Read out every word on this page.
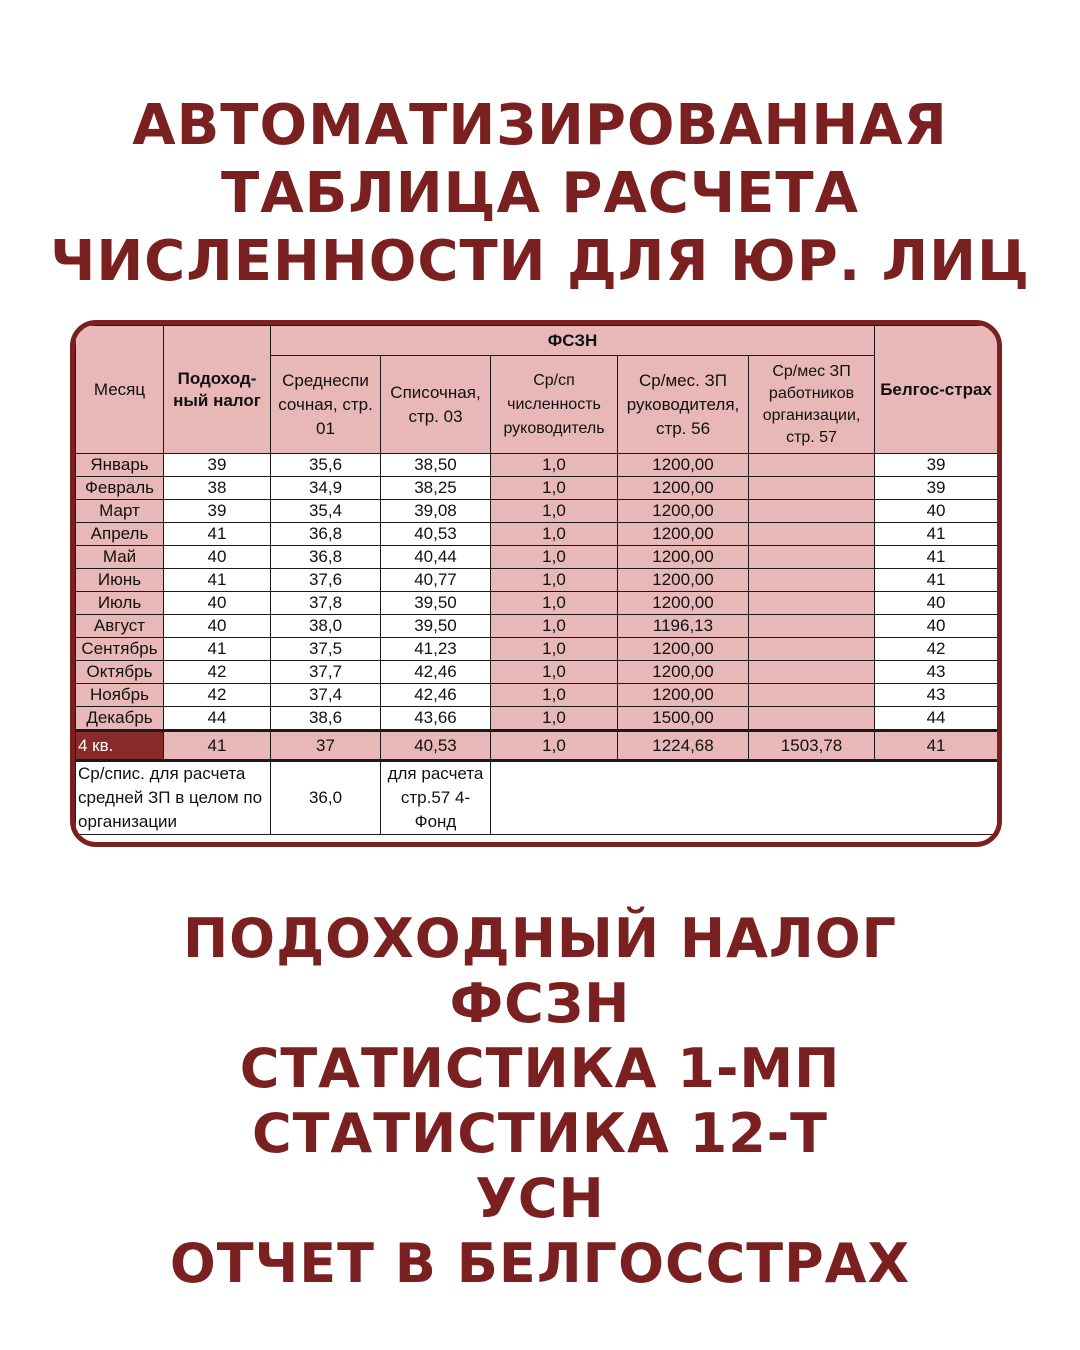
АВТОМАТИЗИРОВАННАЯ
ТАБЛИЦА РАСЧЕТА
ЧИСЛЕННОСТИ ДЛЯ ЮР. ЛИЦ
Месяц	Подоход-ный налог	ФСЗН					Белгос-страх
		Среднеспи сочная, стр. 01	Списочная, стр. 03	Ср/сп численность руководитель	Ср/мес. ЗП руководителя, стр. 56	Ср/мес ЗП работников организации, стр. 57	
Январь	39	35,6	38,50	1,0	1200,00		39
Февраль	38	34,9	38,25	1,0	1200,00		39
Март	39	35,4	39,08	1,0	1200,00		40
Апрель	41	36,8	40,53	1,0	1200,00		41
Май	40	36,8	40,44	1,0	1200,00		41
Июнь	41	37,6	40,77	1,0	1200,00		41
Июль	40	37,8	39,50	1,0	1200,00		40
Август	40	38,0	39,50	1,0	1196,13		40
Сентябрь	41	37,5	41,23	1,0	1200,00		42
Октябрь	42	37,7	42,46	1,0	1200,00		43
Ноябрь	42	37,4	42,46	1,0	1200,00		43
Декабрь	44	38,6	43,66	1,0	1500,00		44
4 кв.	41	37	40,53	1,0	1224,68	1503,78	41
Ср/спис. для расчета средней ЗП в целом по организации		36,0	для расчета стр.57 4-Фонд				
ПОДОХОДНЫЙ НАЛОГ
ФСЗН
СТАТИСТИКА 1-МП
СТАТИСТИКА 12-Т
УСН
ОТЧЕТ В БЕЛГОССТРАХ
